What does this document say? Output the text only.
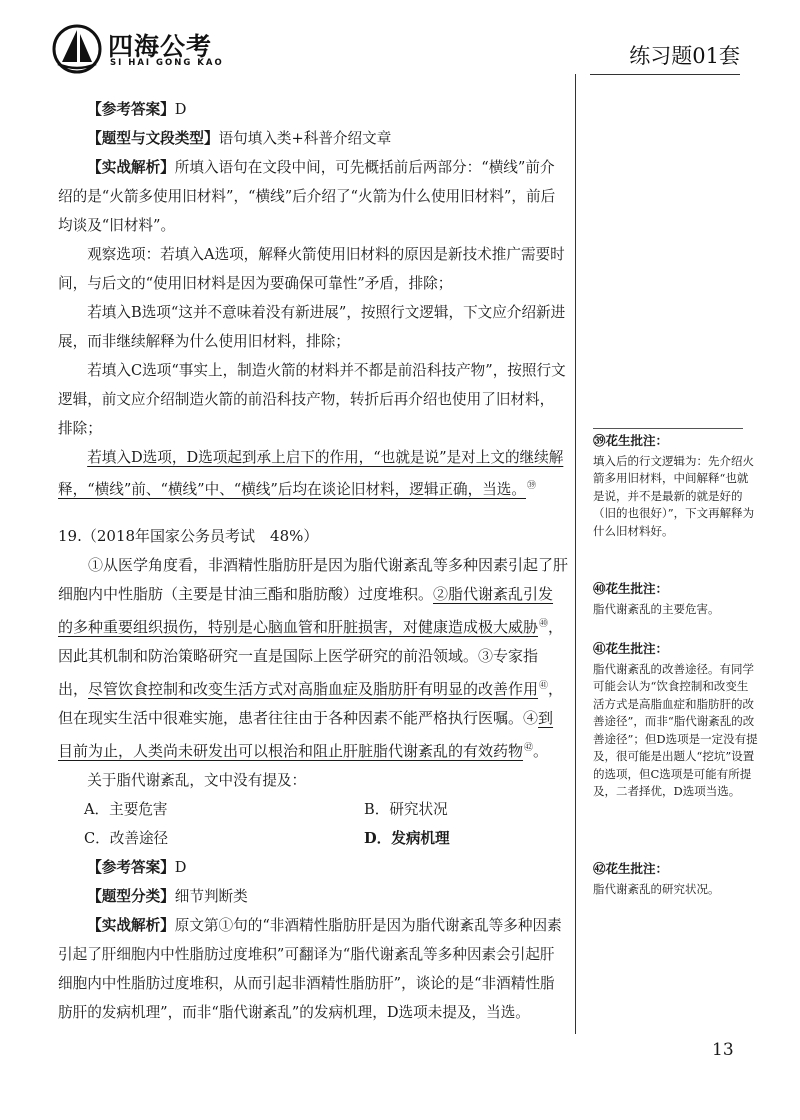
四海公考
SI HAI GONG KAO	练习题01套

【参考答案】D

【题型与文段类型】语句填入类+科普介绍文章

【实战解析】所填入语句在文段中间，可先概括前后两部分：“横线”前介绍的是“火箭多使用旧材料”，“横线”后介绍了“火箭为什么使用旧材料”，前后均谈及“旧材料”。

观察选项：若填入A选项，解释火箭使用旧材料的原因是新技术推广需要时间，与后文的“使用旧材料是因为要确保可靠性”矛盾，排除；

若填入B选项“这并不意味着没有新进展”，按照行文逻辑，下文应介绍新进展，而非继续解释为什么使用旧材料，排除；

若填入C选项“事实上，制造火箭的材料并不都是前沿科技产物”，按照行文逻辑，前文应介绍制造火箭的前沿科技产物，转折后再介绍也使用了旧材料，排除；

若填入D选项，D选项起到承上启下的作用，“也就是说”是对上文的继续解释，“横线”前、“横线”中、“横线”后均在谈论旧材料，逻辑正确，当选。$^㊴$

19.（2018年国家公务员考试　48%）

①从医学角度看，非酒精性脂肪肝是因为脂代谢紊乱等多种因素引起了肝细胞内中性脂肪（主要是甘油三酯和脂肪酸）过度堆积。②脂代谢紊乱引发的多种重要组织损伤，特别是心脑血管和肝脏损害，对健康造成极大威胁$^㊵$，因此其机制和防治策略研究一直是国际上医学研究的前沿领域。③专家指出，尽管饮食控制和改变生活方式对高脂血症及脂肪肝有明显的改善作用$^㊶$，但在现实生活中很难实施，患者往往由于各种因素不能严格执行医嘱。④到目前为止，人类尚未研发出可以根治和阻止肝脏脂代谢紊乱的有效药物$^㊷$。

关于脂代谢紊乱，文中没有提及：

A．主要危害	B．研究状况
C．改善途径	D．发病机理

【参考答案】D

【题型分类】细节判断类

【实战解析】原文第①句的“非酒精性脂肪肝是因为脂代谢紊乱等多种因素引起了肝细胞内中性脂肪过度堆积”可翻译为“脂代谢紊乱等多种因素会引起肝细胞内中性脂肪过度堆积，从而引起非酒精性脂肪肝”，谈论的是“非酒精性脂肪肝的发病机理”，而非“脂代谢紊乱”的发病机理，D选项未提及，当选。

㊴花生批注：

填入后的行文逻辑为：先介绍火箭多用旧材料，中间解释“也就是说，并不是最新的就是好的（旧的也很好）”，下文再解释为什么旧材料好。

㊵花生批注：

脂代谢紊乱的主要危害。

㊶花生批注：

脂代谢紊乱的改善途径。有同学可能会认为“饮食控制和改变生活方式是高脂血症和脂肪肝的改善途径”，而非“脂代谢紊乱的改善途径”；但D选项是一定没有提及，很可能是出题人“挖坑”设置的选项，但C选项是可能有所提及，二者择优，D选项当选。

㊷花生批注：

脂代谢紊乱的研究状况。

13
